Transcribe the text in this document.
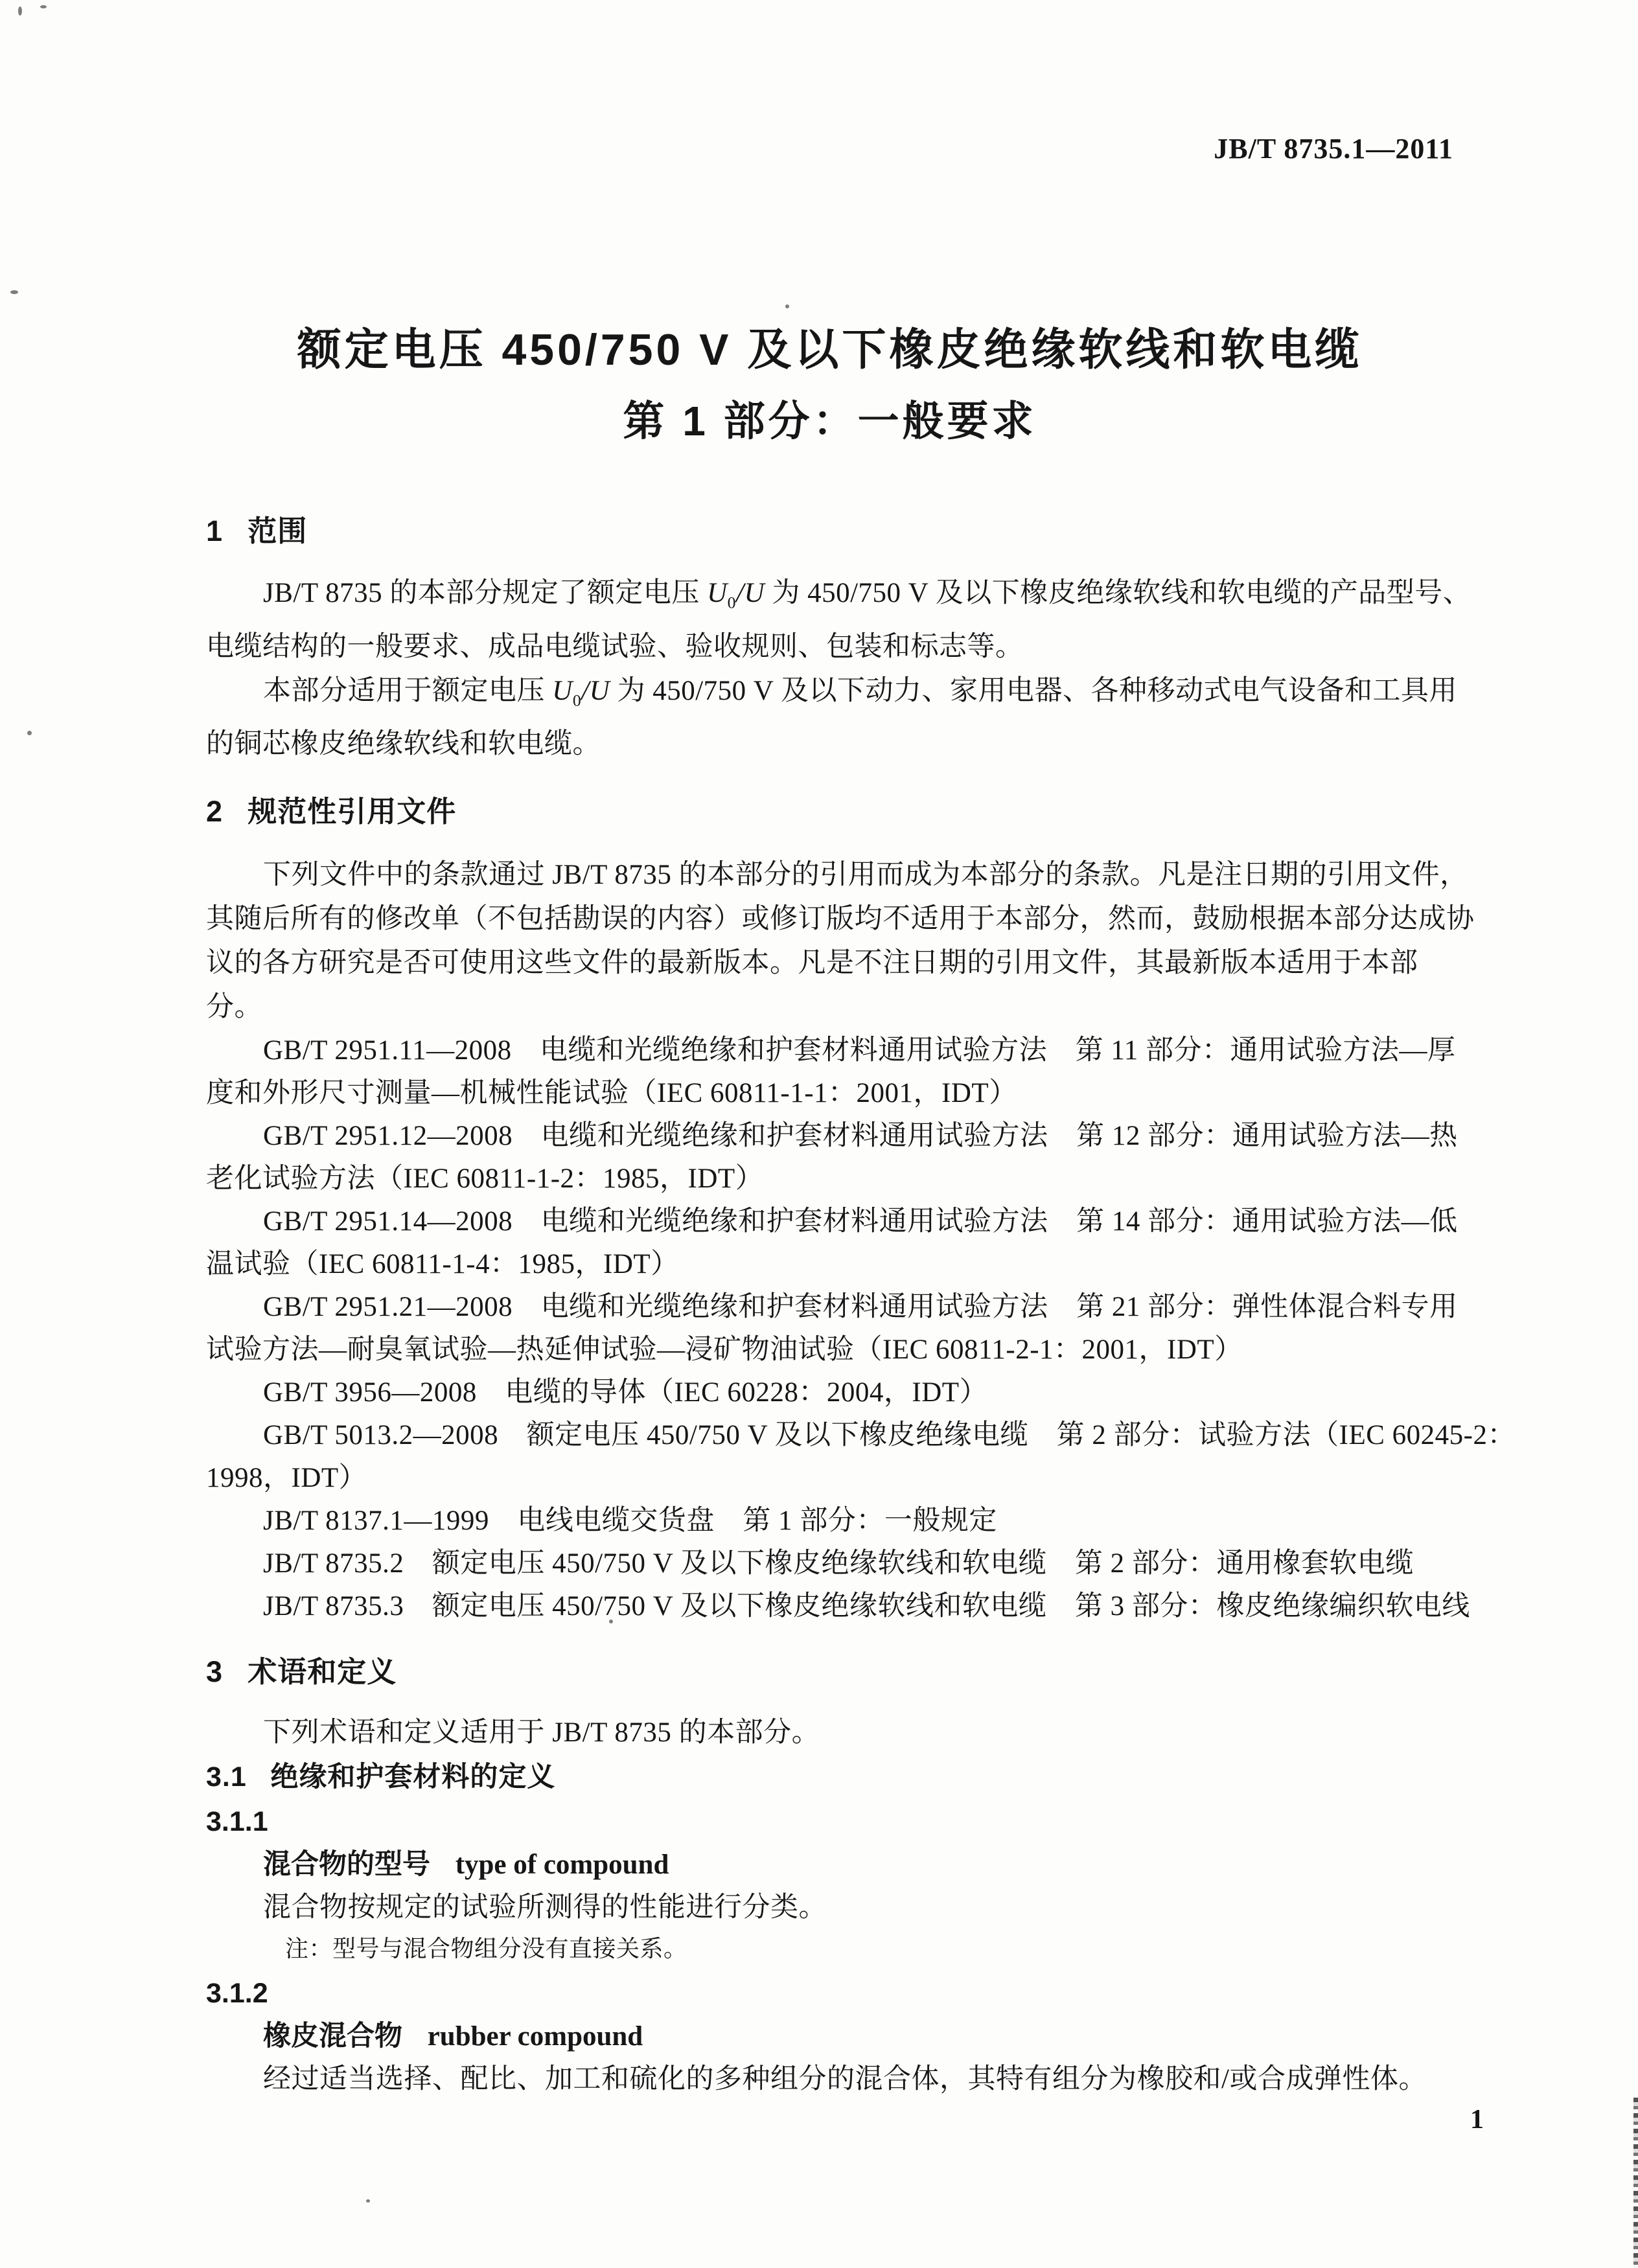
JB/T 8735.1—2011
额定电压 450/750 V 及以下橡皮绝缘软线和软电缆
第 1 部分：一般要求
1 范围
JB/T 8735 的本部分规定了额定电压 $U_0/U$ 为 450/750 V 及以下橡皮绝缘软线和软电缆的产品型号、
电缆结构的一般要求、成品电缆试验、验收规则、包装和标志等。
本部分适用于额定电压 $U_0/U$ 为 450/750 V 及以下动力、家用电器、各种移动式电气设备和工具用
的铜芯橡皮绝缘软线和软电缆。
2 规范性引用文件
下列文件中的条款通过 JB/T 8735 的本部分的引用而成为本部分的条款。凡是注日期的引用文件，
其随后所有的修改单（不包括勘误的内容）或修订版均不适用于本部分，然而，鼓励根据本部分达成协
议的各方研究是否可使用这些文件的最新版本。凡是不注日期的引用文件，其最新版本适用于本部
分。
GB/T 2951.11—2008　电缆和光缆绝缘和护套材料通用试验方法　第 11 部分：通用试验方法—厚
度和外形尺寸测量—机械性能试验（IEC 60811-1-1：2001，IDT）
GB/T 2951.12—2008　电缆和光缆绝缘和护套材料通用试验方法　第 12 部分：通用试验方法—热
老化试验方法（IEC 60811-1-2：1985，IDT）
GB/T 2951.14—2008　电缆和光缆绝缘和护套材料通用试验方法　第 14 部分：通用试验方法—低
温试验（IEC 60811-1-4：1985，IDT）
GB/T 2951.21—2008　电缆和光缆绝缘和护套材料通用试验方法　第 21 部分：弹性体混合料专用
试验方法—耐臭氧试验—热延伸试验—浸矿物油试验（IEC 60811-2-1：2001，IDT）
GB/T 3956—2008　电缆的导体（IEC 60228：2004，IDT）
GB/T 5013.2—2008　额定电压 450/750 V 及以下橡皮绝缘电缆　第 2 部分：试验方法（IEC 60245-2：
1998，IDT）
JB/T 8137.1—1999　电线电缆交货盘　第 1 部分：一般规定
JB/T 8735.2　额定电压 450/750 V 及以下橡皮绝缘软线和软电缆　第 2 部分：通用橡套软电缆
JB/T 8735.3　额定电压 450/750 V 及以下橡皮绝缘软线和软电缆　第 3 部分：橡皮绝缘编织软电线
3 术语和定义
下列术语和定义适用于 JB/T 8735 的本部分。
3.1 绝缘和护套材料的定义
3.1.1
混合物的型号 type of compound
混合物按规定的试验所测得的性能进行分类。
注：型号与混合物组分没有直接关系。
3.1.2
橡皮混合物 rubber compound
经过适当选择、配比、加工和硫化的多种组分的混合体，其特有组分为橡胶和/或合成弹性体。
1
